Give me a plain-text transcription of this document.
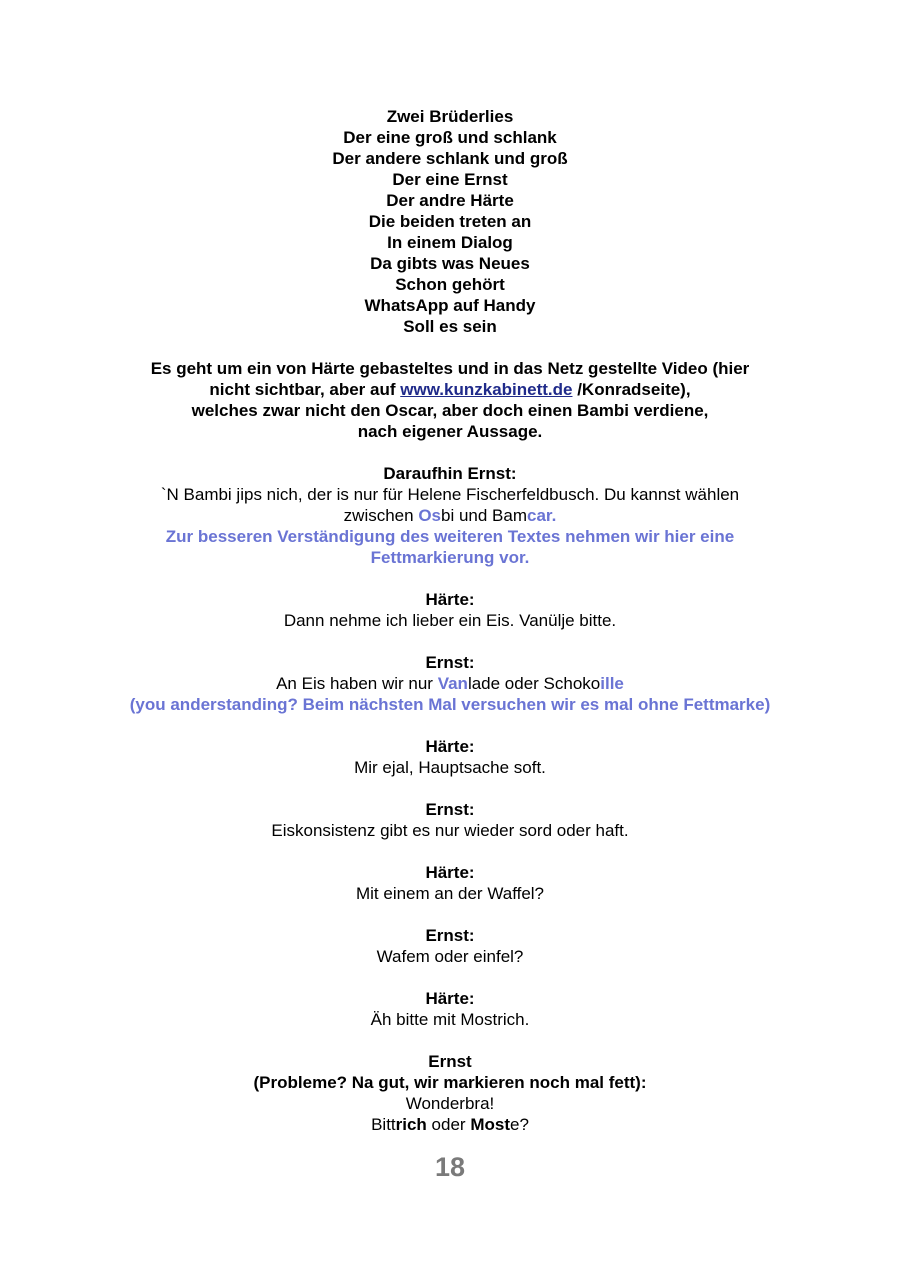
Zwei Brüderlies
Der eine groß und schlank
Der andere schlank und groß
Der eine Ernst
Der andre Härte
Die beiden treten an
In einem Dialog
Da gibts was Neues
Schon gehört
WhatsApp auf Handy
Soll es sein
Es geht um ein von Härte gebasteltes und in das Netz gestellte Video (hier
nicht sichtbar, aber auf www.kunzkabinett.de /Konradseite),
welches zwar nicht den Oscar, aber doch einen Bambi verdiene,
nach eigener Aussage.
Daraufhin Ernst:
`N Bambi jips nich, der is nur für Helene Fischerfeldbusch. Du kannst wählen
zwischen Osbi und Bamcar.
Zur besseren Verständigung des weiteren Textes nehmen wir hier eine
Fettmarkierung vor.
Härte:
Dann nehme ich lieber ein Eis. Vanülje bitte.
Ernst:
An Eis haben wir nur Vanlade oder Schokoille
(you anderstanding? Beim nächsten Mal versuchen wir es mal ohne Fettmarke)
Härte:
Mir ejal, Hauptsache soft.
Ernst:
Eiskonsistenz gibt es nur wieder sord oder haft.
Härte:
Mit einem an der Waffel?
Ernst:
Wafem oder einfel?
Härte:
Äh bitte mit Mostrich.
Ernst
(Probleme? Na gut, wir markieren noch mal fett):
Wonderbra!
Bittrich oder Moste?
18
